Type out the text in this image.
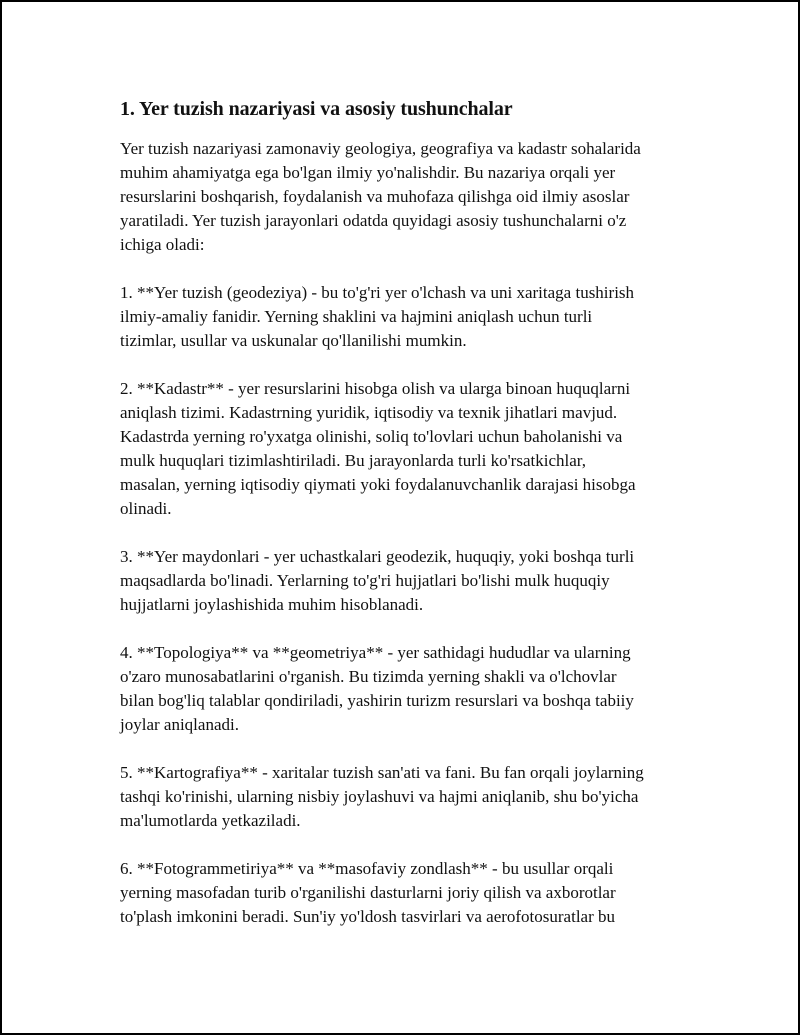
1. Yer tuzish nazariyasi va asosiy tushunchalar

Yer tuzish nazariyasi zamonaviy geologiya, geografiya va kadastr sohalarida
muhim ahamiyatga ega bo'lgan ilmiy yo'nalishdir. Bu nazariya orqali yer
resurslarini boshqarish, foydalanish va muhofaza qilishga oid ilmiy asoslar
yaratiladi. Yer tuzish jarayonlari odatda quyidagi asosiy tushunchalarni o'z
ichiga oladi:

1. **Yer tuzish (geodeziya) - bu to'g'ri yer o'lchash va uni xaritaga tushirish
ilmiy-amaliy fanidir. Yerning shaklini va hajmini aniqlash uchun turli
tizimlar, usullar va uskunalar qo'llanilishi mumkin.

2. **Kadastr** - yer resurslarini hisobga olish va ularga binoan huquqlarni
aniqlash tizimi. Kadastrning yuridik, iqtisodiy va texnik jihatlari mavjud.
Kadastrda yerning ro'yxatga olinishi, soliq to'lovlari uchun baholanishi va
mulk huquqlari tizimlashtiriladi. Bu jarayonlarda turli ko'rsatkichlar,
masalan, yerning iqtisodiy qiymati yoki foydalanuvchanlik darajasi hisobga
olinadi.

3. **Yer maydonlari - yer uchastkalari geodezik, huquqiy, yoki boshqa turli
maqsadlarda bo'linadi. Yerlarning to'g'ri hujjatlari bo'lishi mulk huquqiy
hujjatlarni joylashishida muhim hisoblanadi.

4. **Topologiya** va **geometriya** - yer sathidagi hududlar va ularning
o'zaro munosabatlarini o'rganish. Bu tizimda yerning shakli va o'lchovlar
bilan bog'liq talablar qondiriladi, yashirin turizm resurslari va boshqa tabiiy
joylar aniqlanadi.

5. **Kartografiya** - xaritalar tuzish san'ati va fani. Bu fan orqali joylarning
tashqi ko'rinishi, ularning nisbiy joylashuvi va hajmi aniqlanib, shu bo'yicha
ma'lumotlarda yetkaziladi.

6. **Fotogrammetiriya** va **masofaviy zondlash** - bu usullar orqali
yerning masofadan turib o'rganilishi dasturlarni joriy qilish va axborotlar
to'plash imkonini beradi. Sun'iy yo'ldosh tasvirlari va aerofotosuratlar bu
